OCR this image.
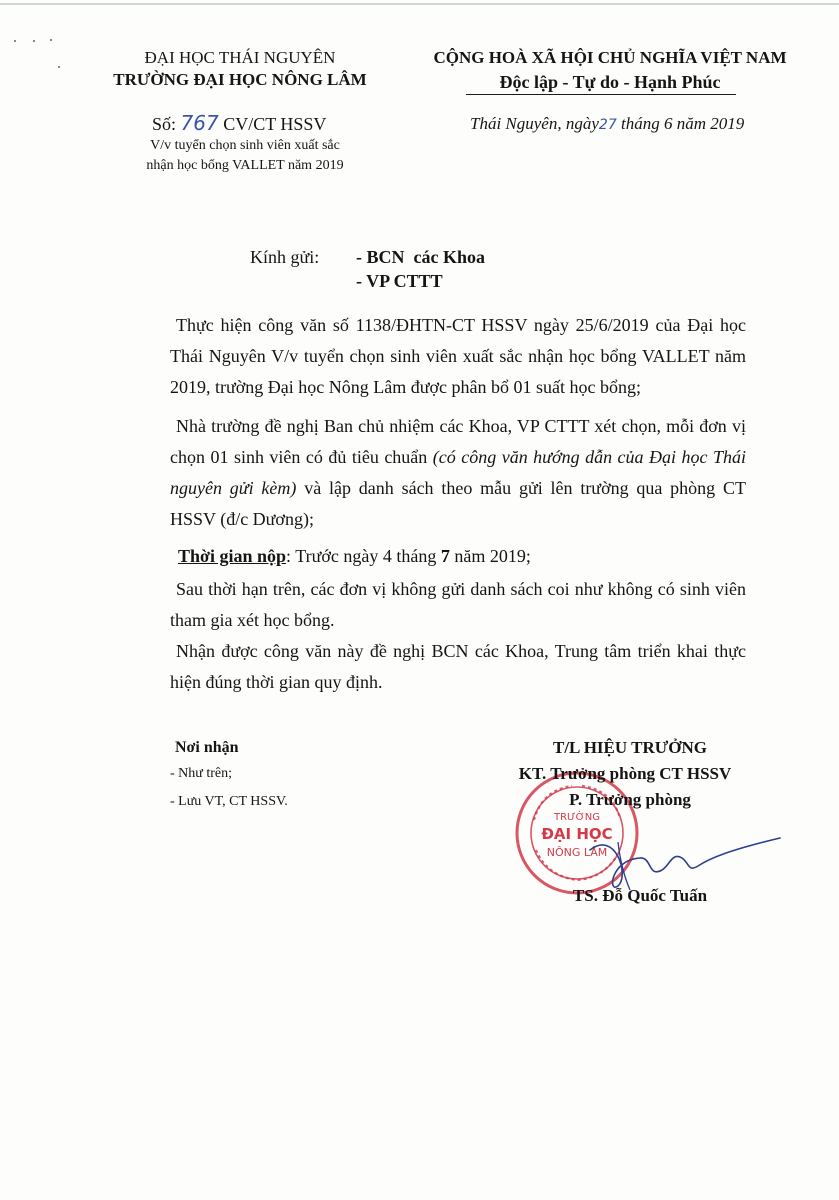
ĐẠI HỌC THÁI NGUYÊN
TRƯỜNG ĐẠI HỌC NÔNG LÂM
Số: 767 CV/CT HSSV
V/v tuyển chọn sinh viên xuất sắc
nhận học bổng VALLET năm 2019
CỘNG HOÀ XÃ HỘI CHỦ NGHĨA VIỆT NAM
Độc lập - Tự do - Hạnh Phúc
Thái Nguyên, ngày27 tháng 6 năm 2019
Kính gửi: - BCN  các Khoa
- VP CTTT
Thực hiện công văn số 1138/ĐHTN-CT HSSV ngày 25/6/2019 của Đại học Thái Nguyên V/v tuyển chọn sinh viên xuất sắc nhận học bổng VALLET năm 2019, trường Đại học Nông Lâm được phân bổ 01 suất học bổng;
Nhà trường đề nghị Ban chủ nhiệm các Khoa, VP CTTT xét chọn, mỗi đơn vị chọn 01 sinh viên có đủ tiêu chuẩn (có công văn hướng dẫn của Đại học Thái nguyên gửi kèm) và lập danh sách theo mẫu gửi lên trường qua phòng CT HSSV (đ/c Dương);
Thời gian nộp: Trước ngày 4 tháng 7 năm 2019;
Sau thời hạn trên, các đơn vị không gửi danh sách coi như không có sinh viên tham gia xét học bổng.
Nhận được công văn này đề nghị BCN các Khoa, Trung tâm triển khai thực hiện đúng thời gian quy định.
Nơi nhận
- Như trên;
- Lưu VT, CT HSSV.
TRƯỜNG
ĐẠI HỌC
NÔNG LÂM
T/L HIỆU TRƯỞNG
KT. Trưởng phòng CT HSSV
P. Trưởng phòng
TS. Đỗ Quốc Tuấn
